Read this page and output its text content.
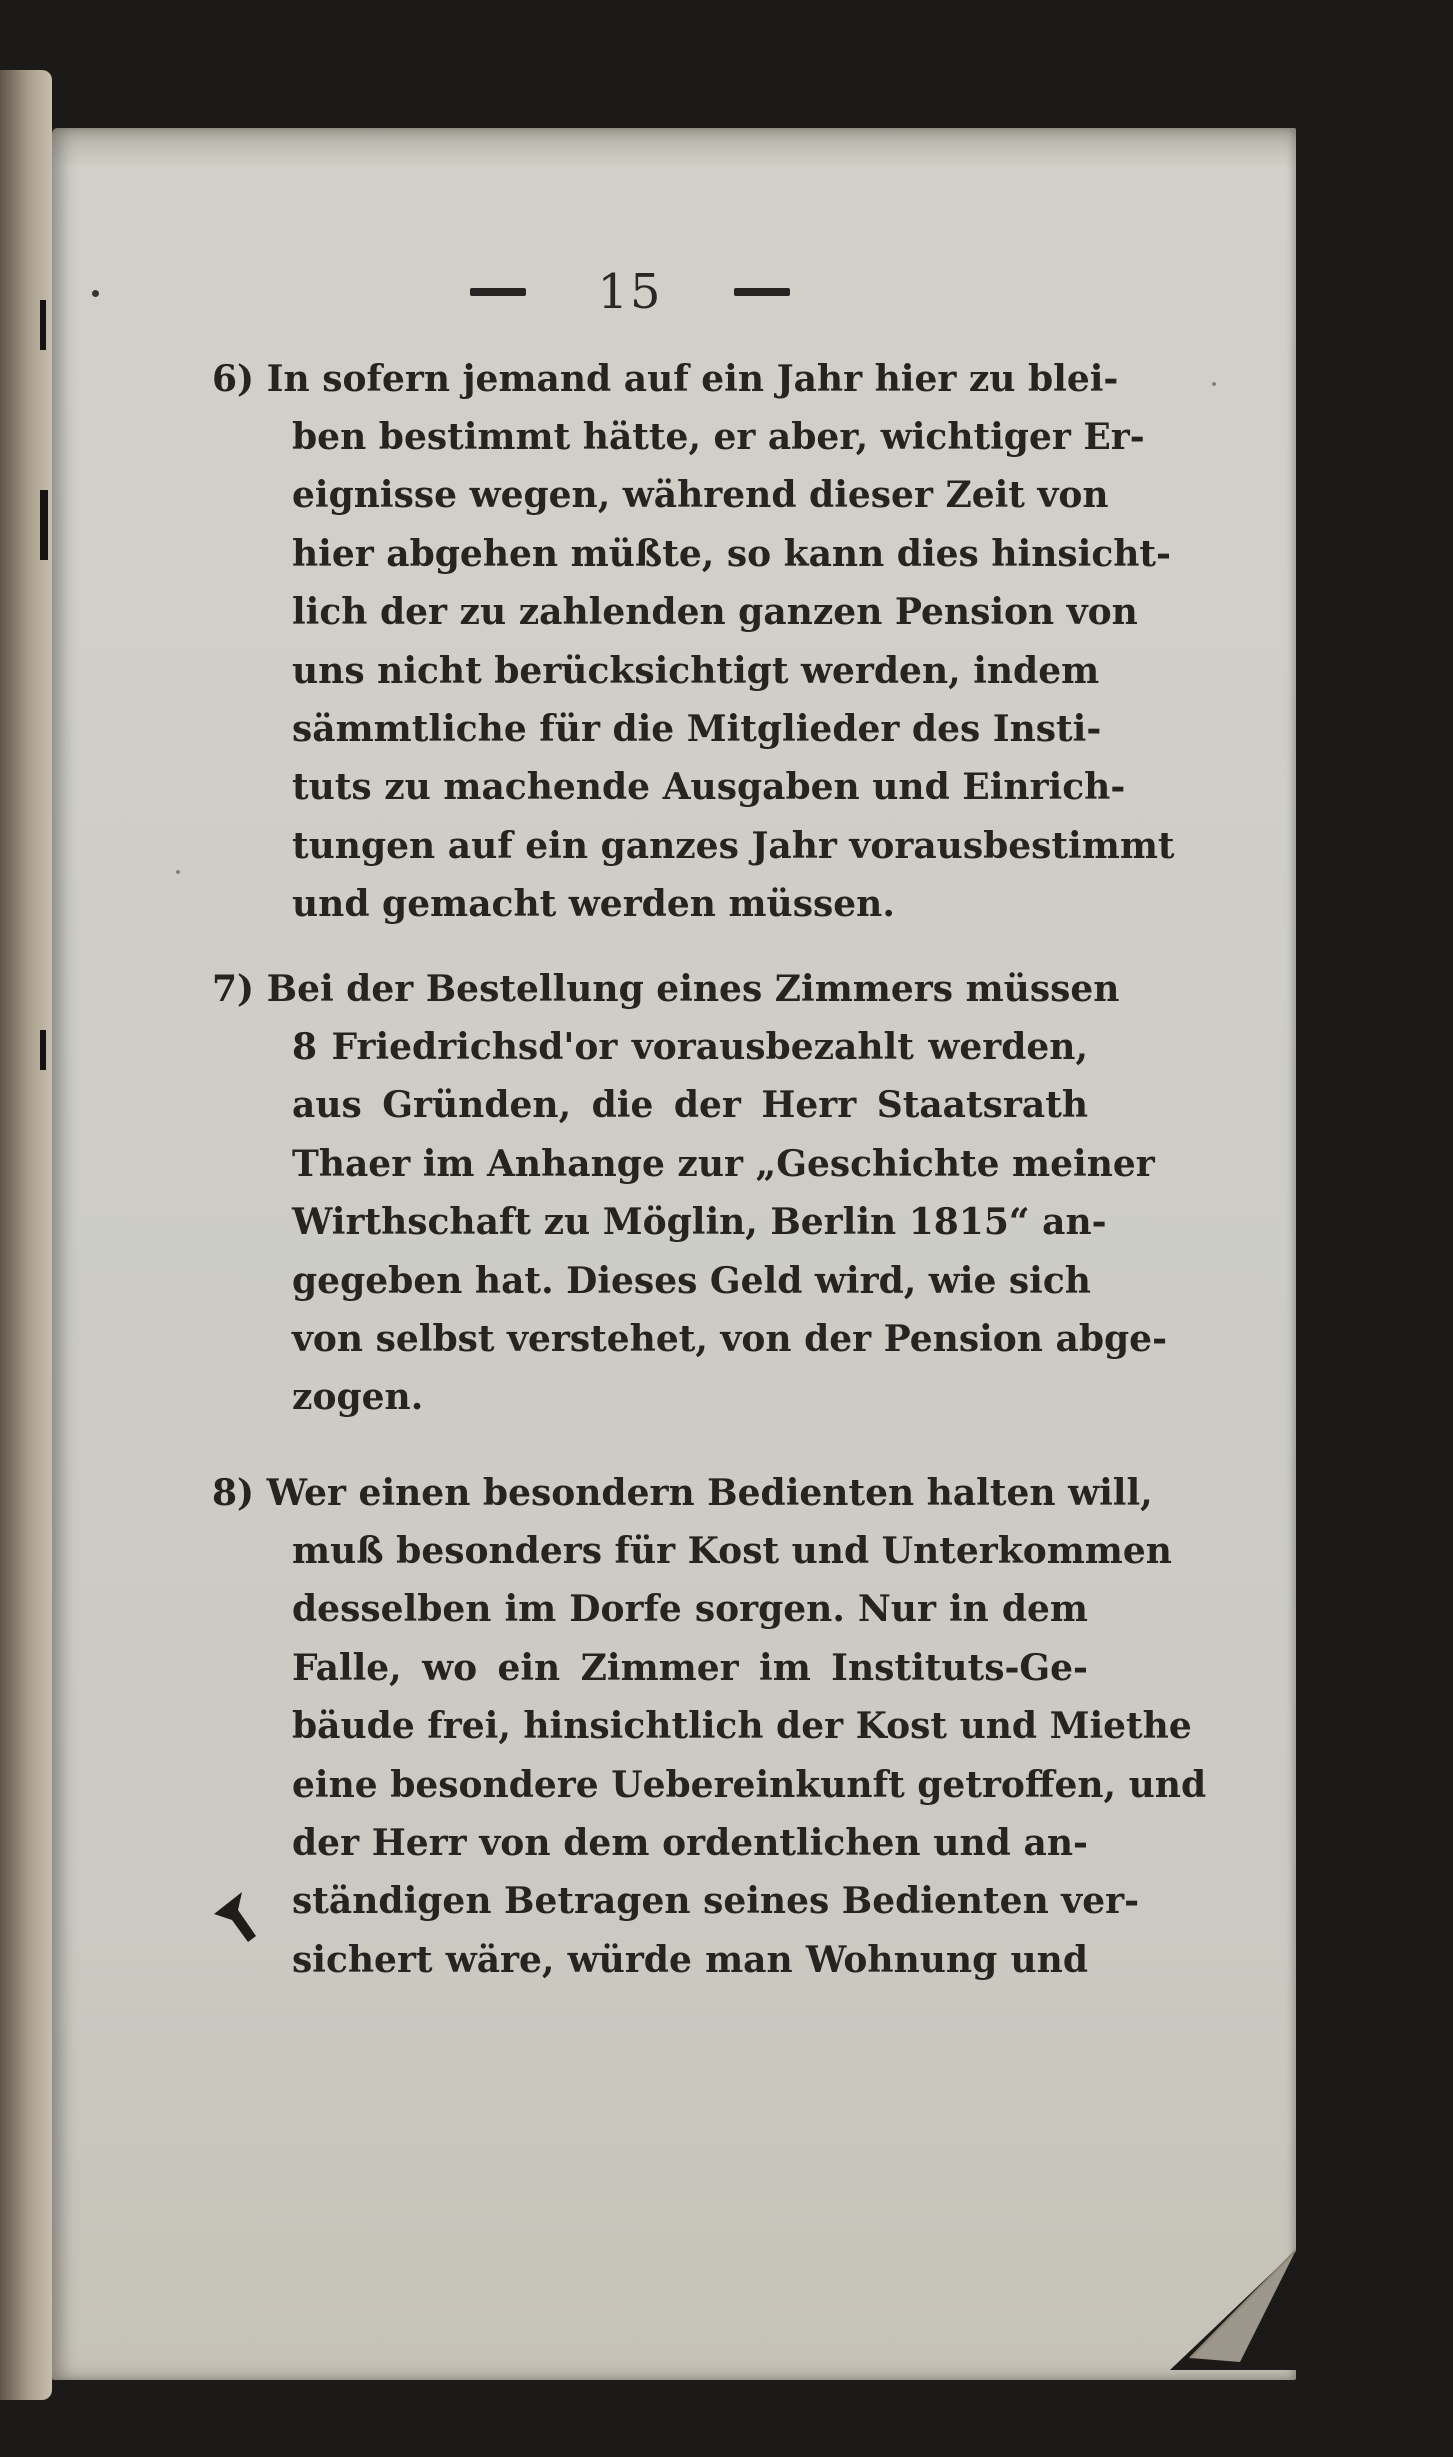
15
6) In sofern jemand auf ein Jahr hier zu blei-
ben bestimmt hätte, er aber, wichtiger Er-
eignisse wegen, während dieser Zeit von
hier abgehen müßte, so kann dies hinsicht-
lich der zu zahlenden ganzen Pension von
uns nicht berücksichtigt werden, indem
sämmtliche für die Mitglieder des Insti-
tuts zu machende Ausgaben und Einrich-
tungen auf ein ganzes Jahr vorausbestimmt
und gemacht werden müssen.
7) Bei der Bestellung eines Zimmers müssen
8 Friedrichsd'or vorausbezahlt werden,
aus Gründen, die der Herr Staatsrath
Thaer im Anhange zur „Geschichte meiner
Wirthschaft zu Möglin, Berlin 1815“ an-
gegeben hat. Dieses Geld wird, wie sich
von selbst verstehet, von der Pension abge-
zogen.
8) Wer einen besondern Bedienten halten will,
muß besonders für Kost und Unterkommen
desselben im Dorfe sorgen. Nur in dem
Falle, wo ein Zimmer im Instituts-Ge-
bäude frei, hinsichtlich der Kost und Miethe
eine besondere Uebereinkunft getroffen, und
der Herr von dem ordentlichen und an-
ständigen Betragen seines Bedienten ver-
sichert wäre, würde man Wohnung und
